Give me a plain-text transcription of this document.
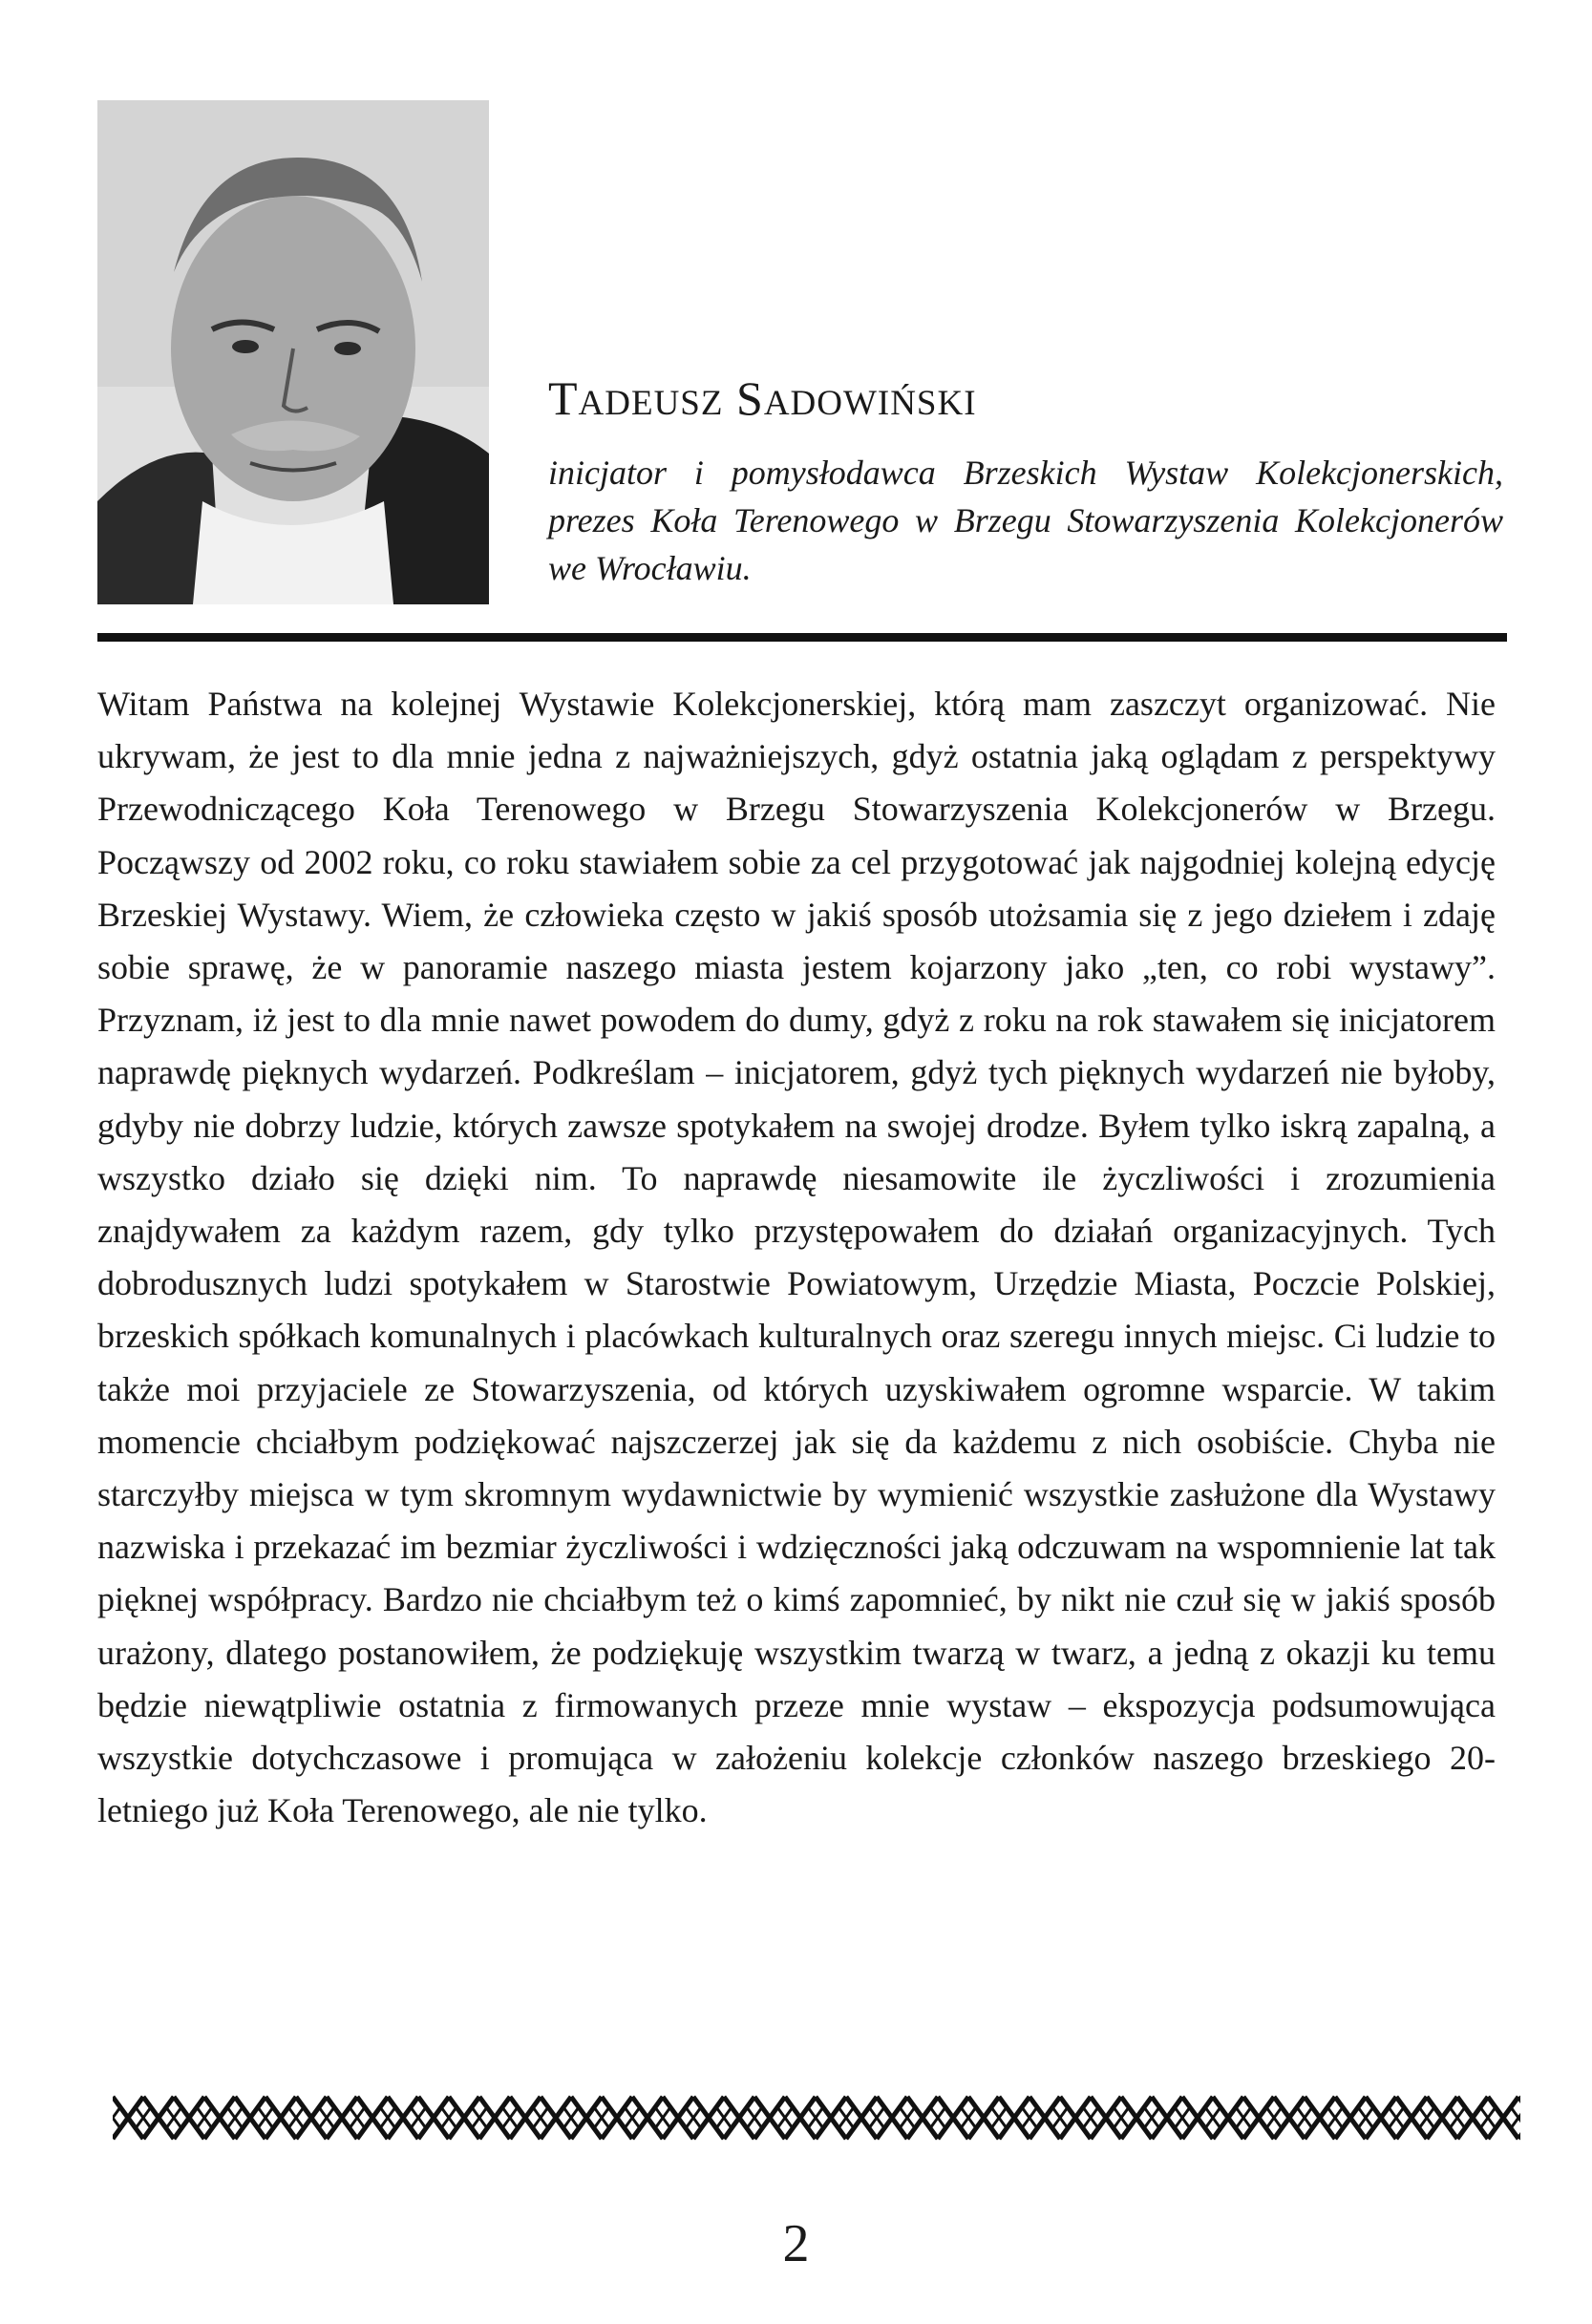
TADEUSZ SADOWIŃSKI
inicjator i pomysłodawca Brzeskich Wystaw Kolekcjonerskich, prezes Koła Terenowego w Brzegu Stowarzyszenia Kolekcjonerów we Wrocławiu.
Witam Państwa na kolejnej Wystawie Kolekcjonerskiej, którą mam zaszczyt organizować. Nie ukrywam, że jest to dla mnie jedna z najważniejszych, gdyż ostatnia jaką oglądam z perspektywy Przewodniczącego Koła Terenowego w Brzegu Stowarzyszenia Kolekcjonerów w Brzegu. Począwszy od 2002 roku, co roku stawiałem sobie za cel przygotować jak najgodniej kolejną edycję Brzeskiej Wystawy. Wiem, że człowieka często w jakiś sposób utożsamia się z jego dziełem i zdaję sobie sprawę, że w panoramie naszego miasta jestem kojarzony jako „ten, co robi wystawy”. Przyznam, iż jest to dla mnie nawet powodem do dumy, gdyż z roku na rok stawałem się inicjatorem naprawdę pięknych wydarzeń. Podkreślam – inicjatorem, gdyż tych pięknych wydarzeń nie byłoby, gdyby nie dobrzy ludzie, których zawsze spotykałem na swojej drodze. Byłem tylko iskrą zapalną, a wszystko działo się dzięki nim. To naprawdę niesamowite ile życzliwości i zrozumienia znajdywałem za każdym razem, gdy tylko przystępowałem do działań organizacyjnych. Tych dobrodusznych ludzi spotykałem w Starostwie Powiatowym, Urzędzie Miasta, Poczcie Polskiej, brzeskich spółkach komunalnych i placówkach kulturalnych oraz szeregu innych miejsc. Ci ludzie to także moi przyjaciele ze Stowarzyszenia, od których uzyskiwałem ogromne wsparcie. W takim momencie chciałbym podziękować najszczerzej jak się da każdemu z nich osobiście. Chyba nie starczyłby miejsca w tym skromnym wydawnictwie by wymienić wszystkie zasłużone dla Wystawy nazwiska i przekazać im bezmiar życzliwości i wdzięczności jaką odczuwam na wspomnienie lat tak pięknej współpracy. Bardzo nie chciałbym też o kimś zapomnieć, by nikt nie czuł się w jakiś sposób urażony, dlatego postanowiłem, że podziękuję wszystkim twarzą w twarz, a jedną z okazji ku temu będzie niewątpliwie ostatnia z firmowanych przeze mnie wystaw – ekspozycja podsumowująca wszystkie dotychczasowe i promująca w założeniu kolekcje członków naszego brzeskiego 20-letniego już Koła Terenowego, ale nie tylko.
2
